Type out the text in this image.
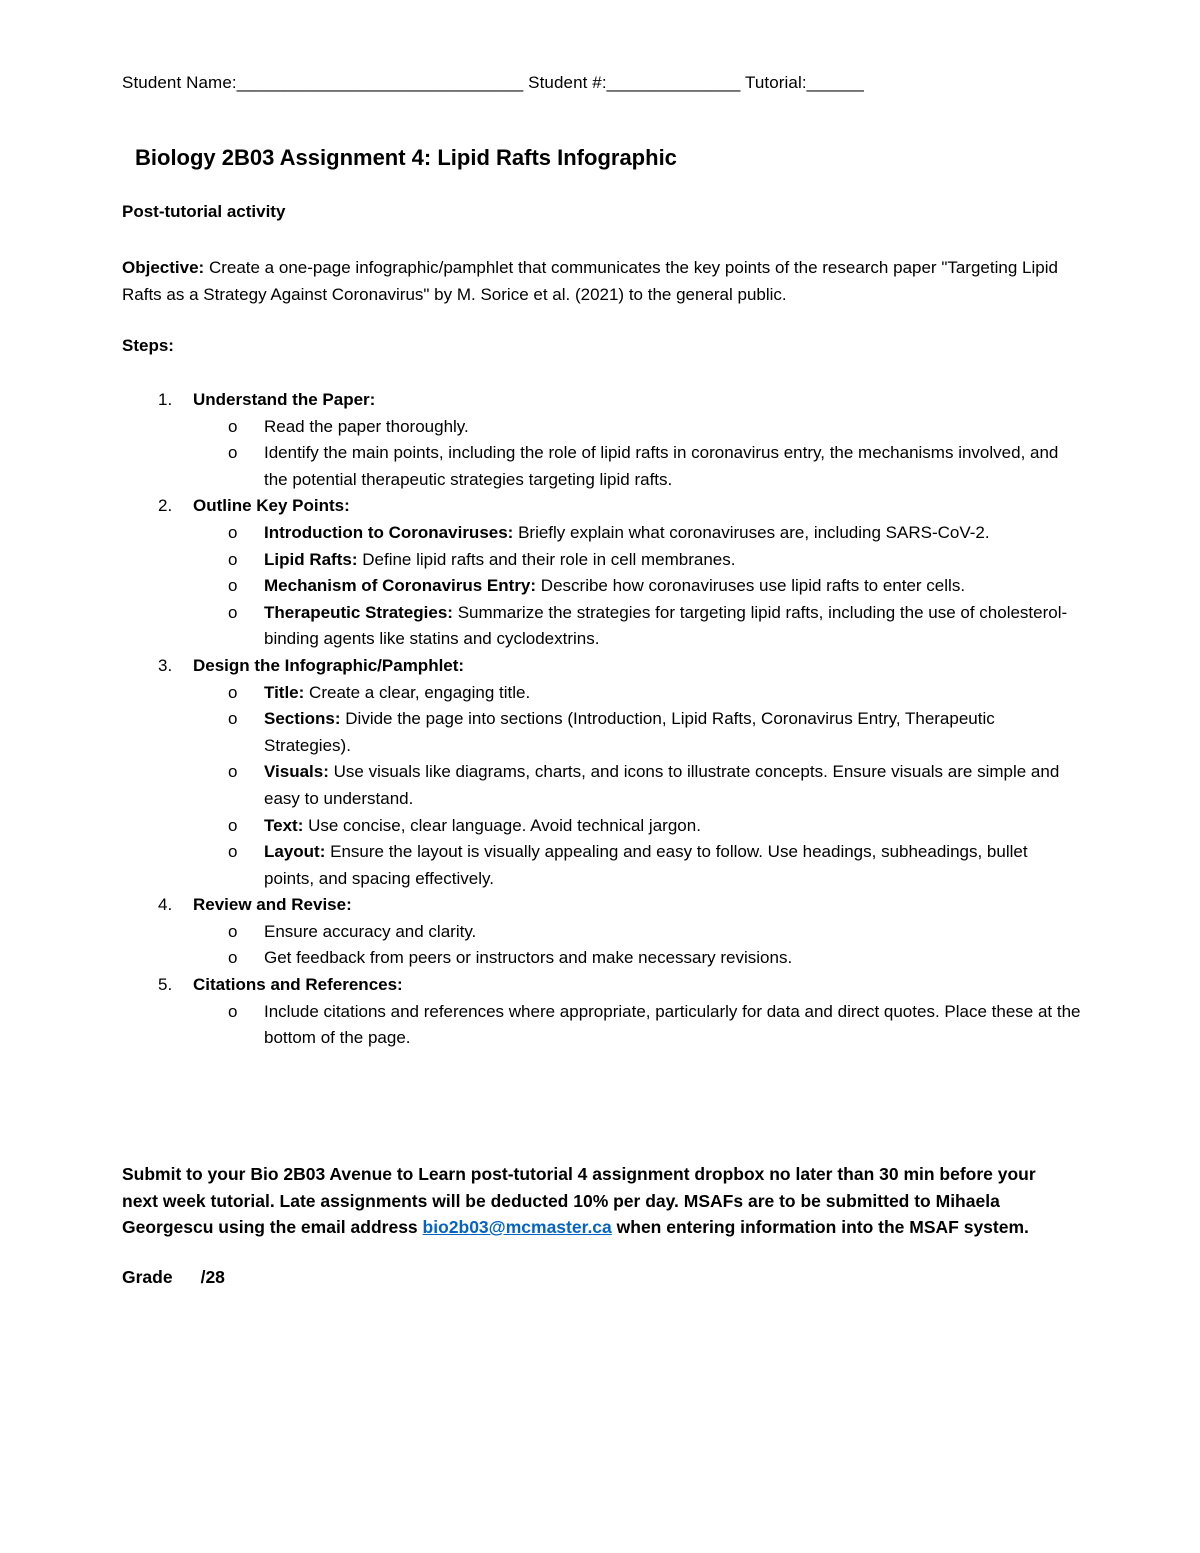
Student Name:______________________________ Student #:______________ Tutorial:______
Biology 2B03 Assignment 4: Lipid Rafts Infographic
Post-tutorial activity
Objective: Create a one-page infographic/pamphlet that communicates the key points of the research paper "Targeting Lipid Rafts as a Strategy Against Coronavirus" by M. Sorice et al. (2021) to the general public.
Steps:
1. Understand the Paper:
o Read the paper thoroughly.
o Identify the main points, including the role of lipid rafts in coronavirus entry, the mechanisms involved, and the potential therapeutic strategies targeting lipid rafts.
2. Outline Key Points:
o Introduction to Coronaviruses: Briefly explain what coronaviruses are, including SARS-CoV-2.
o Lipid Rafts: Define lipid rafts and their role in cell membranes.
o Mechanism of Coronavirus Entry: Describe how coronaviruses use lipid rafts to enter cells.
o Therapeutic Strategies: Summarize the strategies for targeting lipid rafts, including the use of cholesterol-binding agents like statins and cyclodextrins.
3. Design the Infographic/Pamphlet:
o Title: Create a clear, engaging title.
o Sections: Divide the page into sections (Introduction, Lipid Rafts, Coronavirus Entry, Therapeutic Strategies).
o Visuals: Use visuals like diagrams, charts, and icons to illustrate concepts. Ensure visuals are simple and easy to understand.
o Text: Use concise, clear language. Avoid technical jargon.
o Layout: Ensure the layout is visually appealing and easy to follow. Use headings, subheadings, bullet points, and spacing effectively.
4. Review and Revise:
o Ensure accuracy and clarity.
o Get feedback from peers or instructors and make necessary revisions.
5. Citations and References:
o Include citations and references where appropriate, particularly for data and direct quotes. Place these at the bottom of the page.
Submit to your Bio 2B03 Avenue to Learn post-tutorial 4 assignment dropbox no later than 30 min before your next week tutorial. Late assignments will be deducted 10% per day. MSAFs are to be submitted to Mihaela Georgescu using the email address bio2b03@mcmaster.ca when entering information into the MSAF system.
Grade /28
